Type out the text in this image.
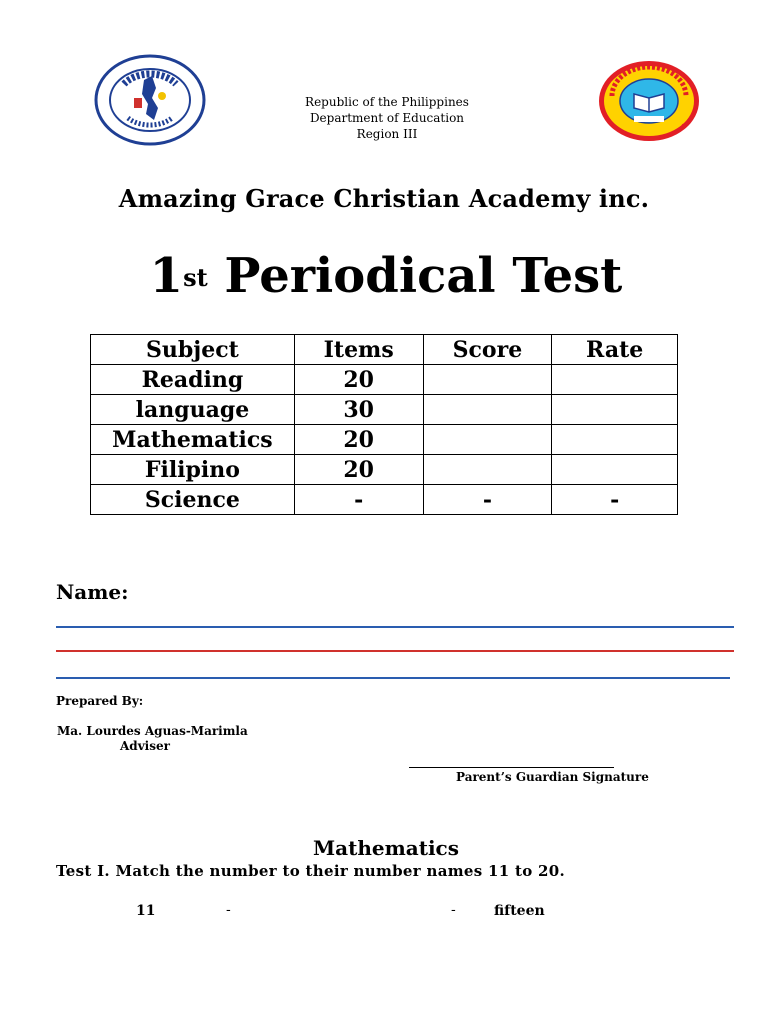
Republic of the Philippines
Department of Education
Region III
Amazing Grace Christian Academy inc.
1st Periodical Test
Subject	Items	Score	Rate
Reading	20		
language	30		
Mathematics	20		
Filipino	20		
Science	-	-	-
Name:
Prepared By:
Ma. Lourdes Aguas-Marimla
Adviser
Parent’s Guardian Signature
Mathematics
Test I. Match the number to their number names 11 to 20.
11	-	-	fifteen
